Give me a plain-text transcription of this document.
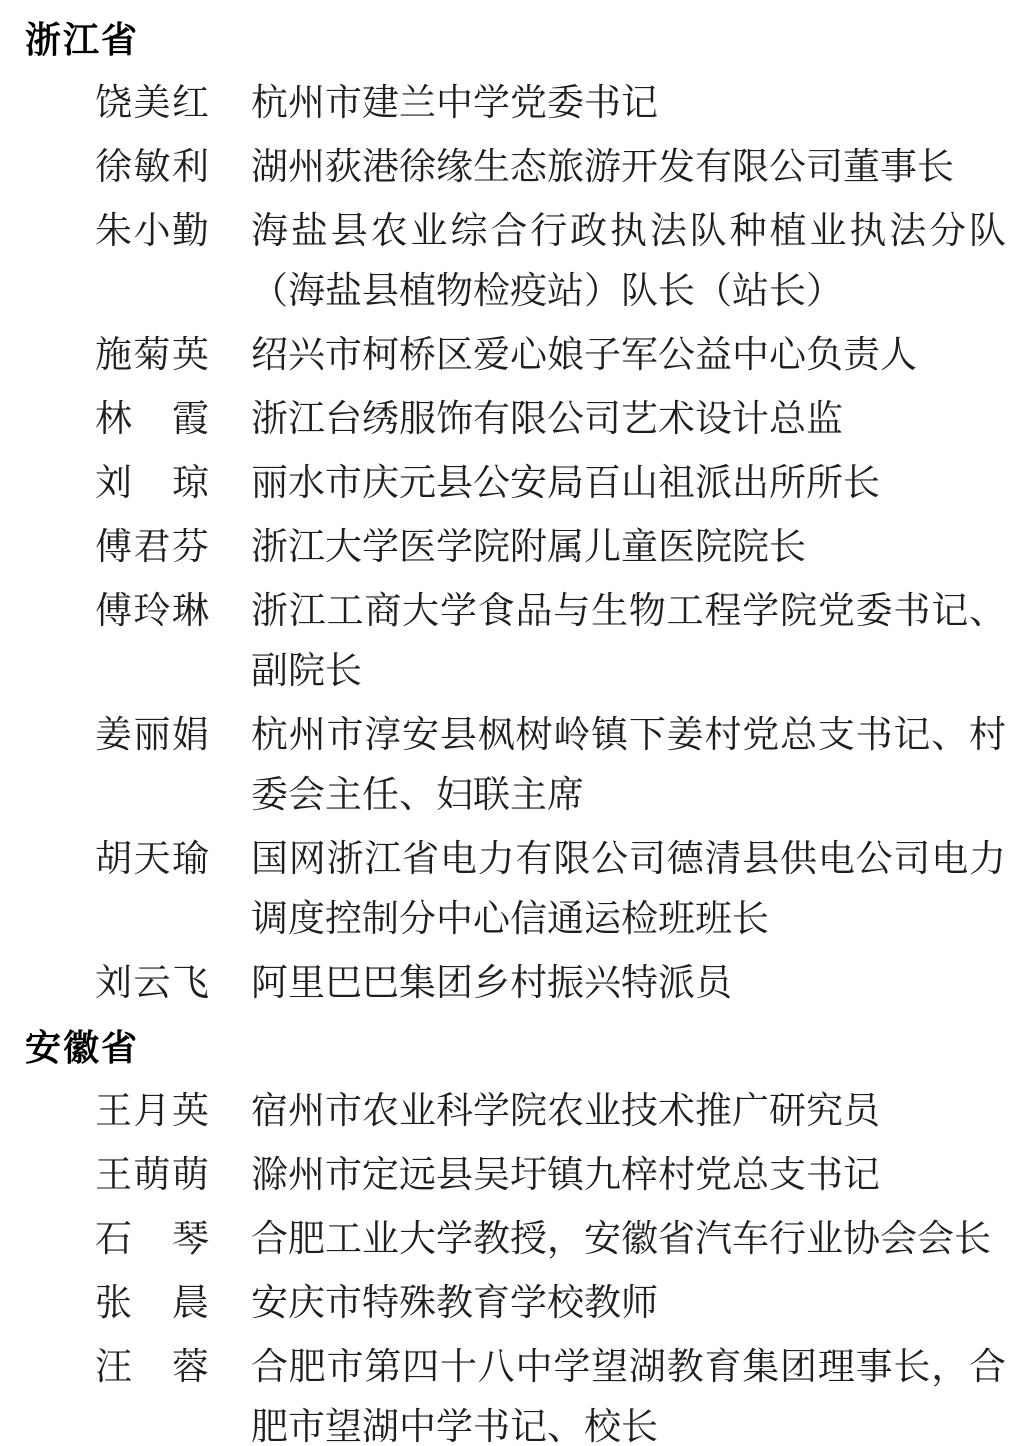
浙江省
饶美红 杭州市建兰中学党委书记
徐敏利 湖州荻港徐缘生态旅游开发有限公司董事长
朱小勤 海盐县农业综合行政执法队种植业执法分队（海盐县植物检疫站）队长（站长）
施菊英 绍兴市柯桥区爱心娘子军公益中心负责人
林霞 浙江台绣服饰有限公司艺术设计总监
刘琼 丽水市庆元县公安局百山祖派出所所长
傅君芬 浙江大学医学院附属儿童医院院长
傅玲琳 浙江工商大学食品与生物工程学院党委书记、副院长
姜丽娟 杭州市淳安县枫树岭镇下姜村党总支书记、村委会主任、妇联主席
胡天瑜 国网浙江省电力有限公司德清县供电公司电力调度控制分中心信通运检班班长
刘云飞 阿里巴巴集团乡村振兴特派员
安徽省
王月英 宿州市农业科学院农业技术推广研究员
王萌萌 滁州市定远县吴圩镇九梓村党总支书记
石琴 合肥工业大学教授，安徽省汽车行业协会会长
张晨 安庆市特殊教育学校教师
汪蓉 合肥市第四十八中学望湖教育集团理事长，合肥市望湖中学书记、校长
